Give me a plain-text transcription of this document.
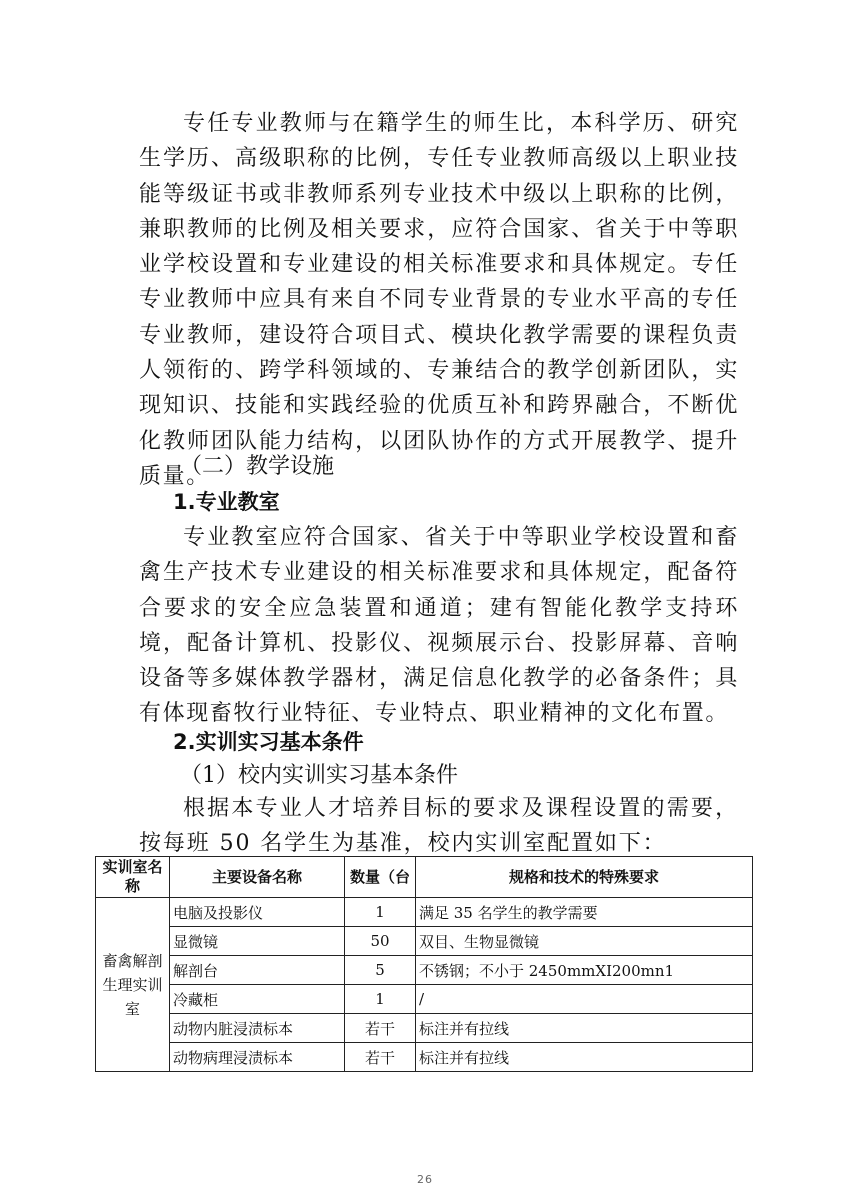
专任专业教师与在籍学生的师生比，本科学历、研究生学历、高级职称的比例，专任专业教师高级以上职业技能等级证书或非教师系列专业技术中级以上职称的比例，兼职教师的比例及相关要求，应符合国家、省关于中等职业学校设置和专业建设的相关标准要求和具体规定。专任专业教师中应具有来自不同专业背景的专业水平高的专任专业教师，建设符合项目式、模块化教学需要的课程负责人领衔的、跨学科领域的、专兼结合的教学创新团队，实现知识、技能和实践经验的优质互补和跨界融合，不断优化教师团队能力结构，以团队协作的方式开展教学、提升质量。

（二）教学设施
1.专业教室

专业教室应符合国家、省关于中等职业学校设置和畜禽生产技术专业建设的相关标准要求和具体规定，配备符合要求的安全应急装置和通道；建有智能化教学支持环境，配备计算机、投影仪、视频展示台、投影屏幕、音响设备等多媒体教学器材，满足信息化教学的必备条件；具有体现畜牧行业特征、专业特点、职业精神的文化布置。

2.实训实习基本条件
（1）校内实训实习基本条件

根据本专业人才培养目标的要求及课程设置的需要，按每班 50 名学生为基准，校内实训室配置如下：

实训室名称	主要设备名称	数量（台	规格和技术的特殊要求
畜禽解剖生理实训室	电脑及投影仪	1	满足 35 名学生的教学需要
	显微镜	50	双目、生物显微镜
	解剖台	5	不锈钢；不小于 2450mmXI200mn1
	冷藏柜	1	/
	动物内脏浸渍标本	若干	标注并有拉线
	动物病理浸渍标本	若干	标注并有拉线
26
